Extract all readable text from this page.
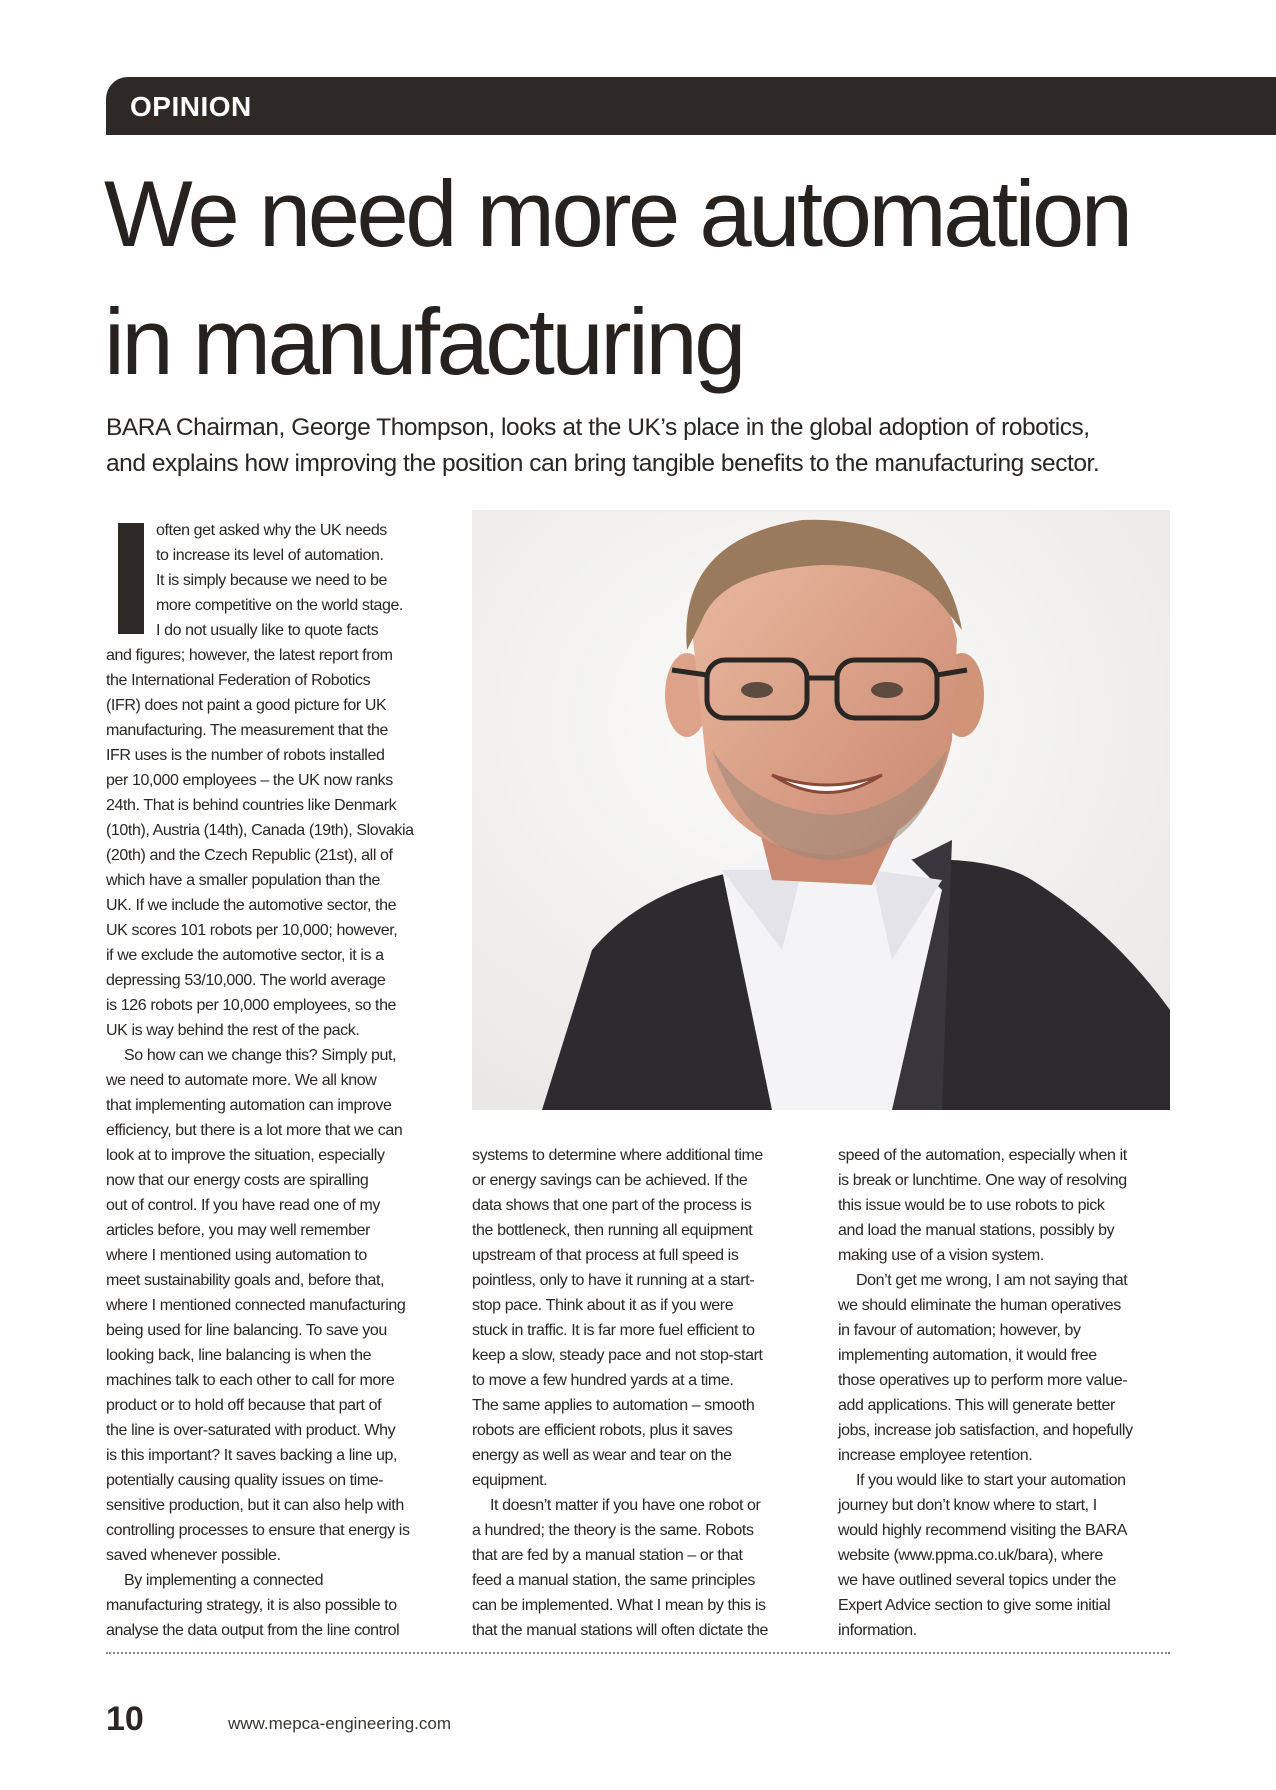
OPINION
We need more automation
in manufacturing

BARA Chairman, George Thompson, looks at the UK’s place in the global adoption of robotics,
and explains how improving the position can bring tangible benefits to the manufacturing sector.

often get asked why the UK needs
to increase its level of automation.
It is simply because we need to be
more competitive on the world stage.
I do not usually like to quote facts
and figures; however, the latest report from
the International Federation of Robotics
(IFR) does not paint a good picture for UK
manufacturing. The measurement that the
IFR uses is the number of robots installed
per 10,000 employees – the UK now ranks
24th. That is behind countries like Denmark
(10th), Austria (14th), Canada (19th), Slovakia
(20th) and the Czech Republic (21st), all of
which have a smaller population than the
UK. If we include the automotive sector, the
UK scores 101 robots per 10,000; however,
if we exclude the automotive sector, it is a
depressing 53/10,000. The world average
is 126 robots per 10,000 employees, so the
UK is way behind the rest of the pack.
So how can we change this? Simply put,
we need to automate more. We all know
that implementing automation can improve
efficiency, but there is a lot more that we can
look at to improve the situation, especially
now that our energy costs are spiralling
out of control. If you have read one of my
articles before, you may well remember
where I mentioned using automation to
meet sustainability goals and, before that,
where I mentioned connected manufacturing
being used for line balancing. To save you
looking back, line balancing is when the
machines talk to each other to call for more
product or to hold off because that part of
the line is over-saturated with product. Why
is this important? It saves backing a line up,
potentially causing quality issues on time-
sensitive production, but it can also help with
controlling processes to ensure that energy is
saved whenever possible.
By implementing a connected
manufacturing strategy, it is also possible to
analyse the data output from the line control
systems to determine where additional time
or energy savings can be achieved. If the
data shows that one part of the process is
the bottleneck, then running all equipment
upstream of that process at full speed is
pointless, only to have it running at a start-
stop pace. Think about it as if you were
stuck in traffic. It is far more fuel efficient to
keep a slow, steady pace and not stop-start
to move a few hundred yards at a time.
The same applies to automation – smooth
robots are efficient robots, plus it saves
energy as well as wear and tear on the
equipment.
It doesn’t matter if you have one robot or
a hundred; the theory is the same. Robots
that are fed by a manual station – or that
feed a manual station, the same principles
can be implemented. What I mean by this is
that the manual stations will often dictate the
speed of the automation, especially when it
is break or lunchtime. One way of resolving
this issue would be to use robots to pick
and load the manual stations, possibly by
making use of a vision system.
Don’t get me wrong, I am not saying that
we should eliminate the human operatives
in favour of automation; however, by
implementing automation, it would free
those operatives up to perform more value-
add applications. This will generate better
jobs, increase job satisfaction, and hopefully
increase employee retention.
If you would like to start your automation
journey but don’t know where to start, I
would highly recommend visiting the BARA
website (www.ppma.co.uk/bara), where
we have outlined several topics under the
Expert Advice section to give some initial
information.
10	www.mepca-engineering.com
